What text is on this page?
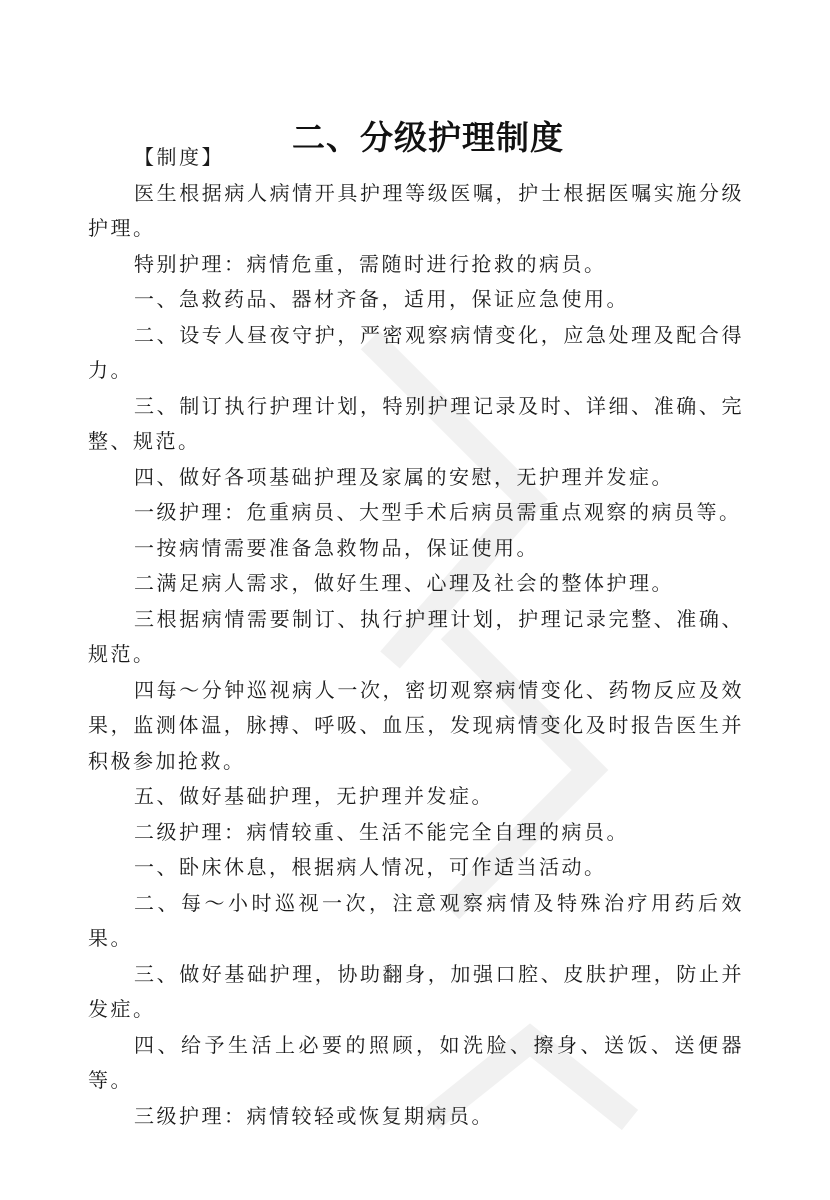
二、分级护理制度

【制度】

医生根据病人病情开具护理等级医嘱，护士根据医嘱实施分级护理。

特别护理：病情危重，需随时进行抢救的病员。

一、急救药品、器材齐备，适用，保证应急使用。

二、设专人昼夜守护，严密观察病情变化，应急处理及配合得力。

三、制订执行护理计划，特别护理记录及时、详细、准确、完整、规范。

四、做好各项基础护理及家属的安慰，无护理并发症。

一级护理：危重病员、大型手术后病员需重点观察的病员等。

一按病情需要准备急救物品，保证使用。

二满足病人需求，做好生理、心理及社会的整体护理。

三根据病情需要制订、执行护理计划，护理记录完整、准确、规范。

四每～分钟巡视病人一次，密切观察病情变化、药物反应及效果，监测体温，脉搏、呼吸、血压，发现病情变化及时报告医生并积极参加抢救。

五、做好基础护理，无护理并发症。

二级护理：病情较重、生活不能完全自理的病员。

一、卧床休息，根据病人情况，可作适当活动。

二、每～小时巡视一次，注意观察病情及特殊治疗用药后效果。

三、做好基础护理，协助翻身，加强口腔、皮肤护理，防止并发症。

四、给予生活上必要的照顾，如洗脸、擦身、送饭、送便器等。

三级护理：病情较轻或恢复期病员。
